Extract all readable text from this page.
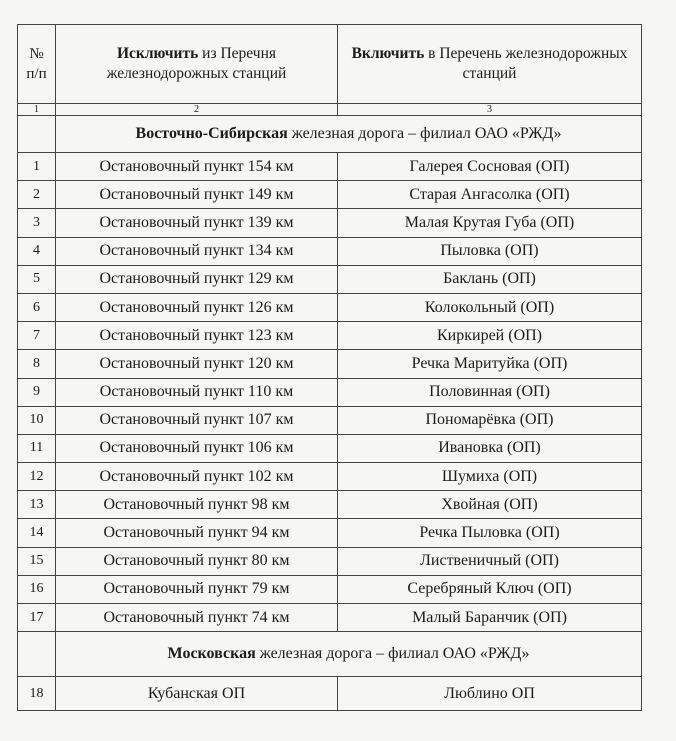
№
п/п	Исключить из Перечня железнодорожных станций	Включить в Перечень железнодорожных станций
1	2	3
	Восточно-Сибирская железная дорога – филиал ОАО «РЖД»	
1	Остановочный пункт 154 км	Галерея Сосновая (ОП)
2	Остановочный пункт 149 км	Старая Ангасолка (ОП)
3	Остановочный пункт 139 км	Малая Крутая Губа (ОП)
4	Остановочный пункт 134 км	Пыловка (ОП)
5	Остановочный пункт 129 км	Баклань (ОП)
6	Остановочный пункт 126 км	Колокольный (ОП)
7	Остановочный пункт 123 км	Киркирей (ОП)
8	Остановочный пункт 120 км	Речка Маритуйка (ОП)
9	Остановочный пункт 110 км	Половинная (ОП)
10	Остановочный пункт 107 км	Пономарёвка (ОП)
11	Остановочный пункт 106 км	Ивановка (ОП)
12	Остановочный пункт 102 км	Шумиха (ОП)
13	Остановочный пункт 98 км	Хвойная (ОП)
14	Остановочный пункт 94 км	Речка Пыловка (ОП)
15	Остановочный пункт 80 км	Лиственичный (ОП)
16	Остановочный пункт 79 км	Серебряный Ключ (ОП)
17	Остановочный пункт 74 км	Малый Баранчик (ОП)
	Московская железная дорога – филиал ОАО «РЖД»	
18	Кубанская ОП	Люблино ОП
